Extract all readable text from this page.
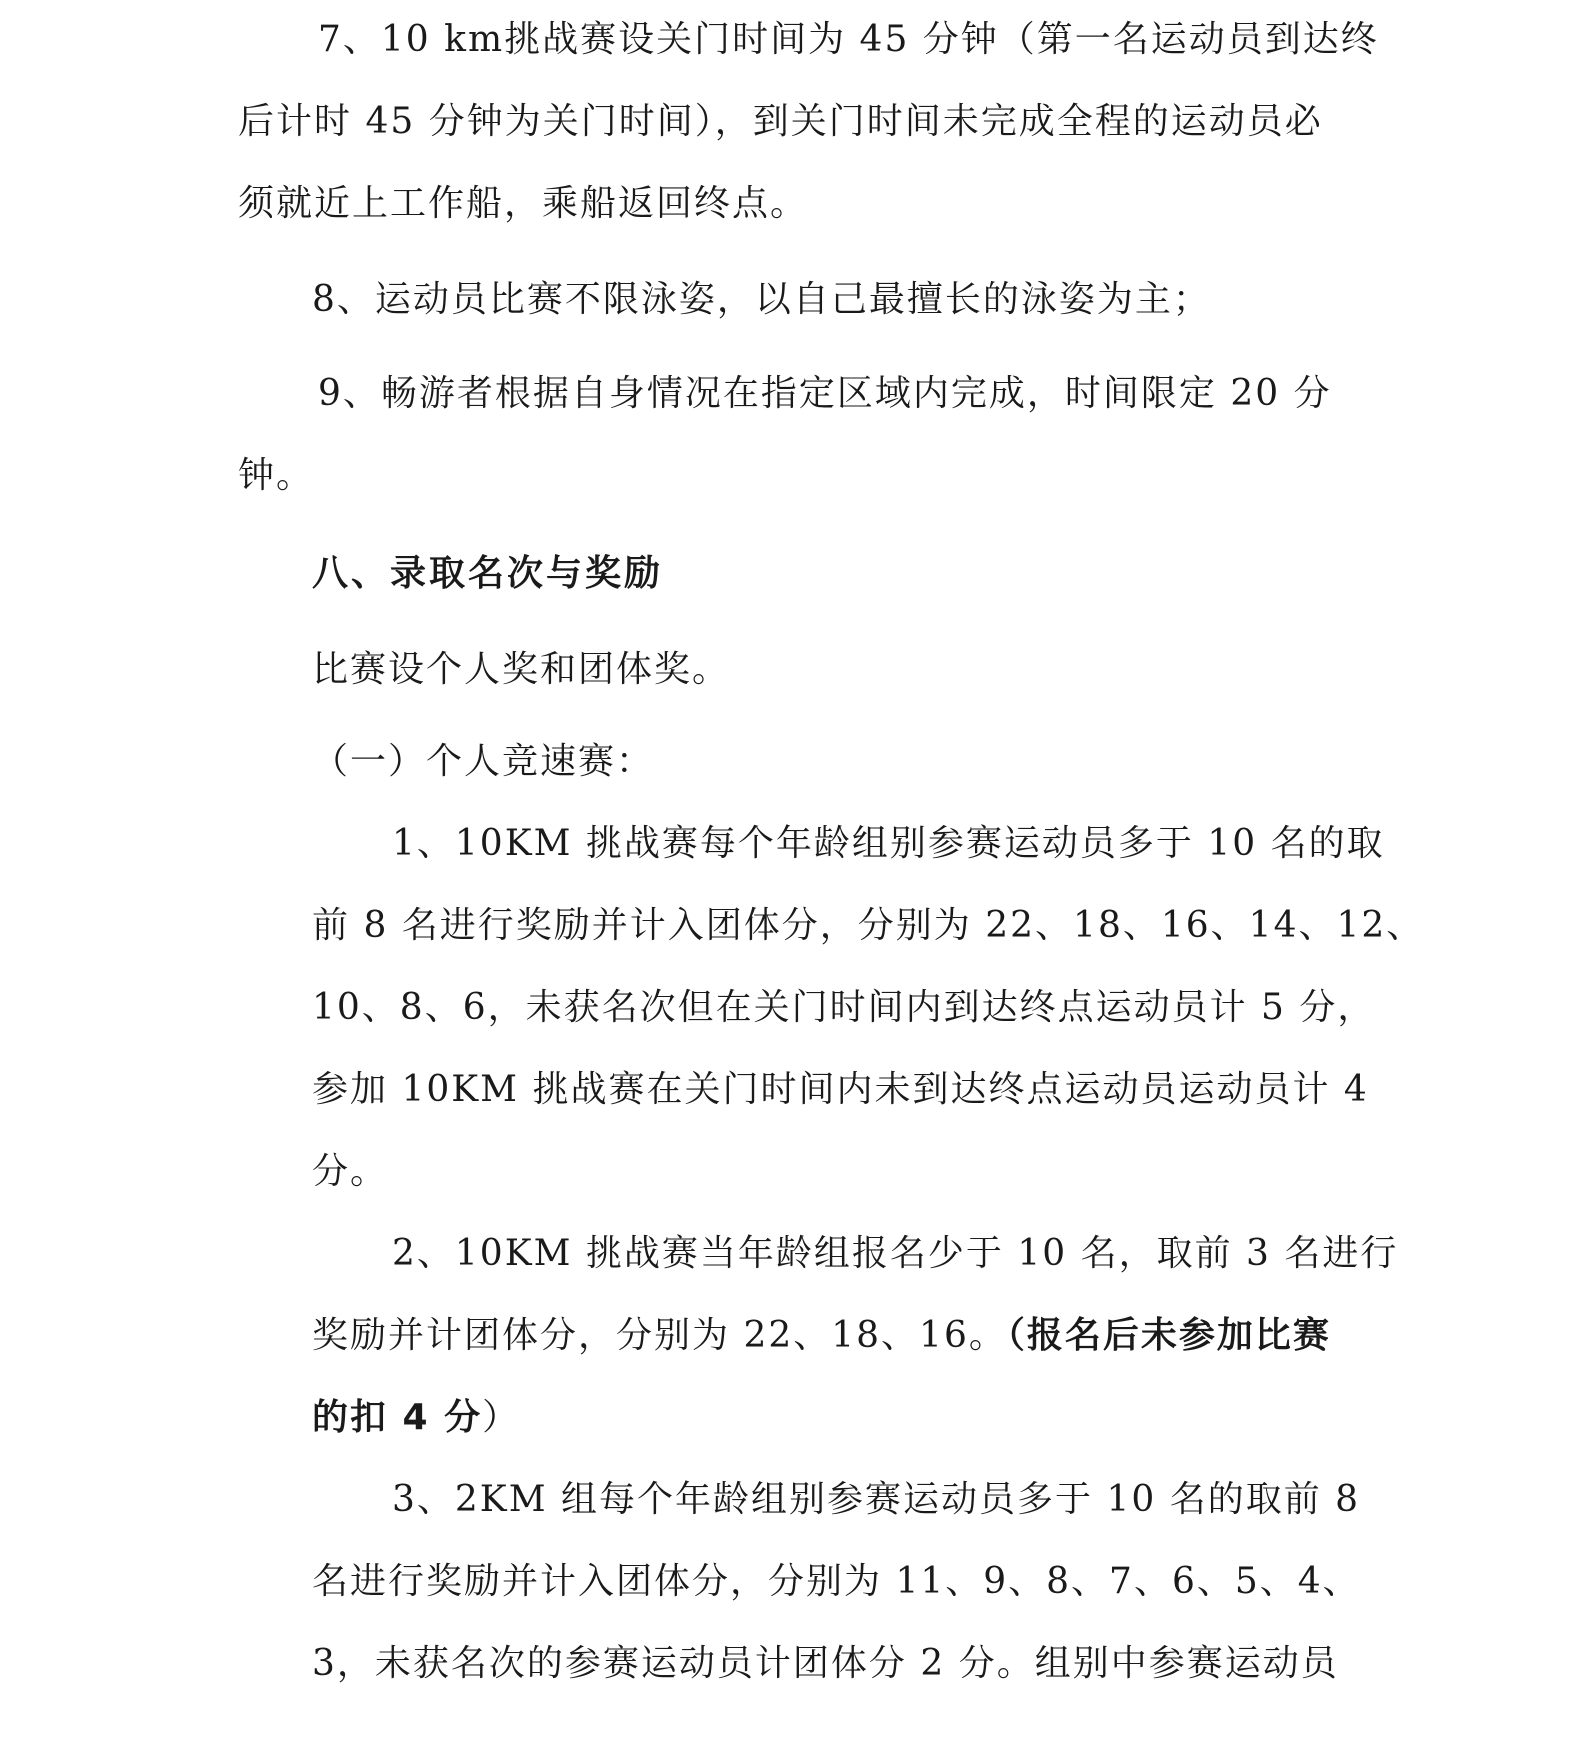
7、10 km挑战赛设关门时间为 45 分钟（第一名运动员到达终
后计时 45 分钟为关门时间），到关门时间未完成全程的运动员必
须就近上工作船，乘船返回终点。
8、运动员比赛不限泳姿，以自己最擅长的泳姿为主；
9、畅游者根据自身情况在指定区域内完成，时间限定 20 分
钟。
八、录取名次与奖励
比赛设个人奖和团体奖。
（一）个人竞速赛：
1、10KM 挑战赛每个年龄组别参赛运动员多于 10 名的取
前 8 名进行奖励并计入团体分，分别为 22、18、16、14、12、
10、8、6，未获名次但在关门时间内到达终点运动员计 5 分，
参加 10KM 挑战赛在关门时间内未到达终点运动员运动员计 4
分。
2、10KM 挑战赛当年龄组报名少于 10 名，取前 3 名进行
奖励并计团体分，分别为 22、18、16。（报名后未参加比赛
的扣 4 分）
3、2KM 组每个年龄组别参赛运动员多于 10 名的取前 8
名进行奖励并计入团体分，分别为 11、9、8、7、6、5、4、
3，未获名次的参赛运动员计团体分 2 分。组别中参赛运动员
